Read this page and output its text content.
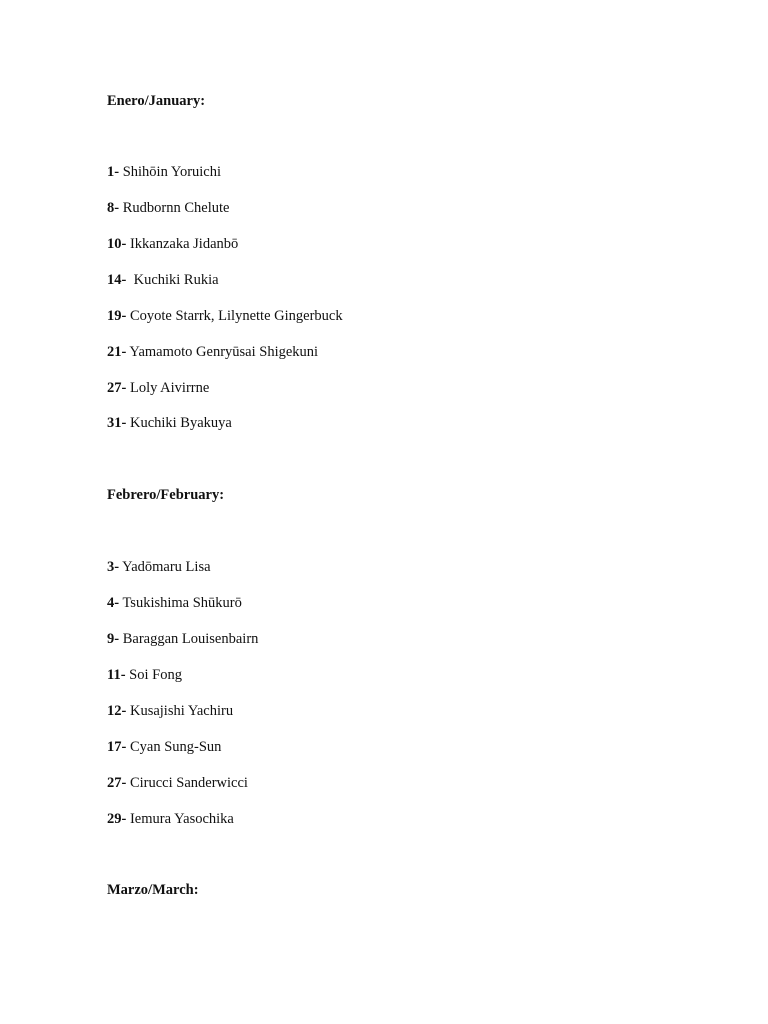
Enero/January:
1- Shihōin Yoruichi
8- Rudbornn Chelute
10- Ikkanzaka Jidanbō
14-  Kuchiki Rukia
19- Coyote Starrk, Lilynette Gingerbuck
21- Yamamoto Genryūsai Shigekuni
27- Loly Aivirrne
31- Kuchiki Byakuya
Febrero/February:
3- Yadōmaru Lisa
4- Tsukishima Shūkurō
9- Baraggan Louisenbairn
11- Soi Fong
12- Kusajishi Yachiru
17- Cyan Sung-Sun
27- Cirucci Sanderwicci
29- Iemura Yasochika
Marzo/March:
